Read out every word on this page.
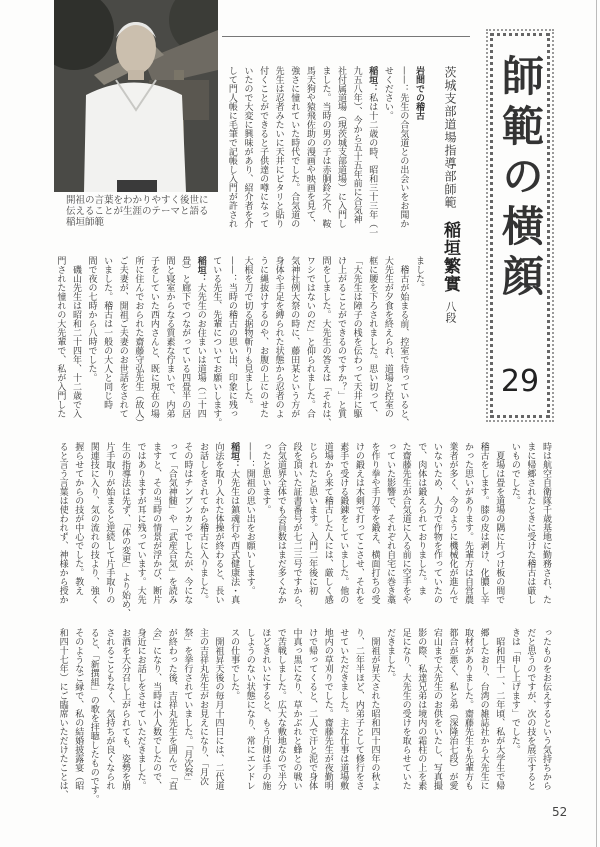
開祖の言葉をわかりやすく後世に
伝えることが生涯のテーマと語る
稲垣師範
茨城支部道場指導部師範稲垣繁實八段
師範の横顔
29
岩間での稽古
——：先生の合気道との出会いをお聞か
せください。
稲垣：私は十二歳の時、昭和三十三年（一
九五八年）、今から五十五年前に合気神
社付属道場（現茨城支部道場）に入門し
ました。当時の男の子は赤胴鈴之介、鞍
馬天狗や猿飛佐助の漫画や映画を見て、
強さに憧れていた時代でした。合気道の
先生は忍者みたいに天井にピタリと貼り
付くことができると子供達の噂になって
いたので大変に興味があり、紹介者を介
して門人帳に毛筆で記帳し入門が許され
ました。
　稽古が始まる前、控室で待っていると、
大先生が夕食を終えられ、道場と控室の
框に腰を下ろされました。思い切って、
「大先生は障子の桟を伝わって天井に駆
け上がることができるのですか？」と質
問をしました。大先生の答えは「それは、
ワシではないのだ」と仰られました。合
気神社例大祭の時に、藤田某という方が
身体や手足を縛られた状態から忍者のよ
うに縄抜けするのや、お腹の上にのせた
大根を刀で切る据物斬りも見ました。
——：当時の稽古の思い出、印象に残っ
ている先生、先輩についてお願いします。
稲垣：大先生のお住まいは道場（二十四
畳）と廊下でつながっている四畳半の居
間と寝室からなる質素な佇まいで、内弟
子をしていた西内さんと、既に現在の場
所に住んでおられた齋藤守弘先生（故人）
ご夫妻が、開祖ご夫妻のお世話をされて
いました。稽古は一般の大人と同じ時
間で夜の七時から八時でした。
　磯山先生は昭和二十四年、十二歳で入
門された憧れの大先輩で、私が入門した
時は航空自衛隊千歳基地に勤務され、た
まに帰郷されたときに受けた稽古は厳し
いものでした。
　夏場は畳を道場の隅に片づけ板の間で
稽古をします。膝の皮は剥け、化膿し辛
かった思いがあります。先輩方は自営農
業者が多く、今のように機械化が進んで
いないため、人力で作物を作っていたの
で、肉体は鍛えられておりました。ま
た齋藤先生が合気道に入る前に空手をや
っていた影響で、それぞれ自宅に巻き藁
を作り拳や手刀等を鍛え、横面打ちの受
けの鍛えは木剣で打ってこさせ、それを
素手で受ける鍛錬をしていました。他の
道場から来て稽古した人には、厳しく感
じられたと思います。入門二年後に初
段を頂いた証書番号が七二三号ですから、
合気道界全体でも会員数はまだ多くなか
ったと思います。
——：開祖の思い出をお願いします。
稲垣：大先生は鎮魂行や西式健康法・真
向法を取り入れた体操が終わると、長い
お話しをされてから稽古に入りました。
その時はチンプンカンでしたが、今にな
って「合気神髄」や「武産合気」を読み
ますと、その当時の情景が浮かび、断片
ではありますが耳に残っています。大先
生の指導法は先ず、「体の変更」より始め、
片手取りが始まると逆続して片手取りの
関連技に入り、気の流れの技より、強く
握らせてからの技が中心でした。教え
ると言う言葉は使われず、神様から授か
ったものをお伝えするという気持ちから
だと思うのですが、次の技を展示すると
きは「申し上げます」でした。
　昭和四十一、二年頃、私が大学生で帰
郷したおり、台湾の雑誌社から大先生に
取材がありました。齋藤先生も先輩方も
都合が悪く、私と弟（深隆治七段）が愛
宕山まで大先生のお供をいたし、写真撮
影の際、私達兄弟は境内の霜柱の上を素
足になり、大先生の受けを取らせていた
だきました。
　開祖が昇天された昭和四十四年の秋よ
り、二年半ほど、内弟子として修行をさ
せていただきました。主な仕事は道場敷
地内の草刈りでした。齋藤先生が夜勤明
けで帰ってくると、二人で汗と泥で身体
中真っ黒になり、草かぶれと蜂との戦い
で苦戦しました。広大な敷地なので半分
ほどきれいにすると、もう片側は手の施
しようのない状態になり、常にエンドレ
スの仕事でした。
　開祖昇天後の毎月十四日には、二代道
主の吉祥丸先生がお見えになり、「月次
祭」を挙行されていました。「月次祭」
が終わった後、吉祥丸先生を囲んで「直
会」になり、当時は小人数でしたので、
身近にお話しをさせていただきました。
お酒を大分召し上がられても、姿勢を崩
されることもなく、気持ちが良くなられ
ると、「新撰組」の歌を拝聴したものです。
そのようなご縁で、私の結婚披露宴（昭
和四十七年）にご臨席いただけたことは、
52
